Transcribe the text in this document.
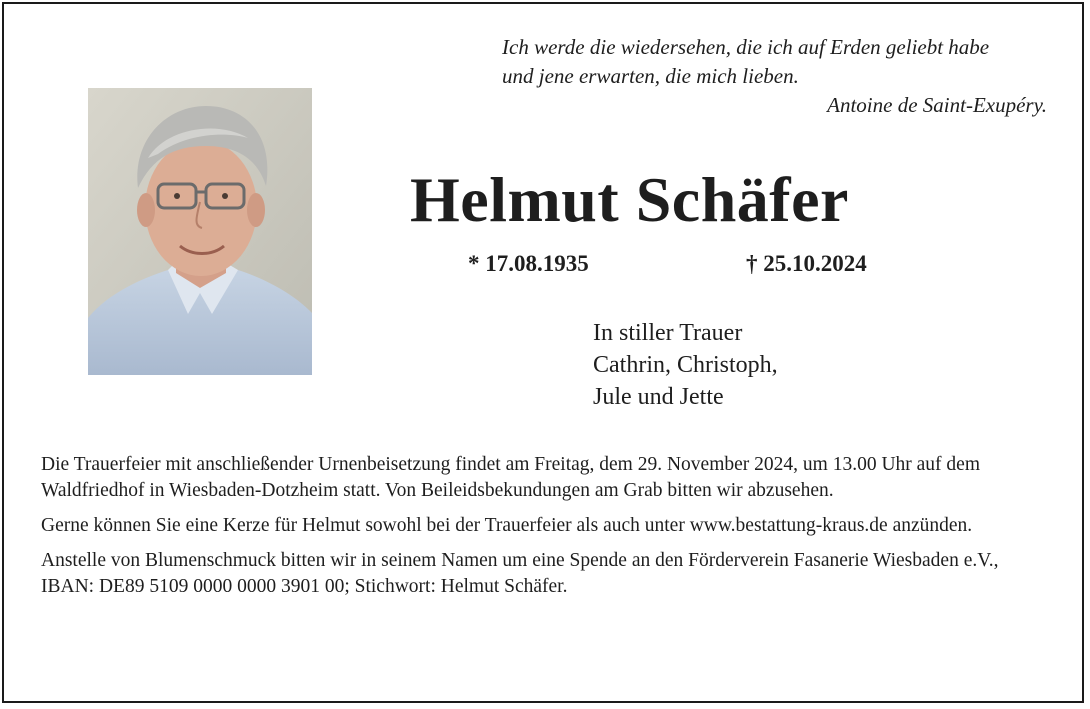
Ich werde die wiedersehen, die ich auf Erden geliebt habe
und jene erwarten, die mich lieben.
Antoine de Saint-Exupéry.
Helmut Schäfer
* 17.08.1935	† 25.10.2024
In stiller Trauer
Cathrin, Christoph,
Jule und Jette

Die Trauerfeier mit anschließender Urnenbeisetzung findet am Freitag, dem 29. November 2024, um 13.00 Uhr auf dem Waldfriedhof in Wiesbaden-Dotzheim statt. Von Beileidsbekundungen am Grab bitten wir abzusehen.

Gerne können Sie eine Kerze für Helmut sowohl bei der Trauerfeier als auch unter www.bestattung-kraus.de anzünden.

Anstelle von Blumenschmuck bitten wir in seinem Namen um eine Spende an den Förderverein Fasanerie Wiesbaden e.V., IBAN: DE89 5109 0000 0000 3901 00; Stichwort: Helmut Schäfer.
